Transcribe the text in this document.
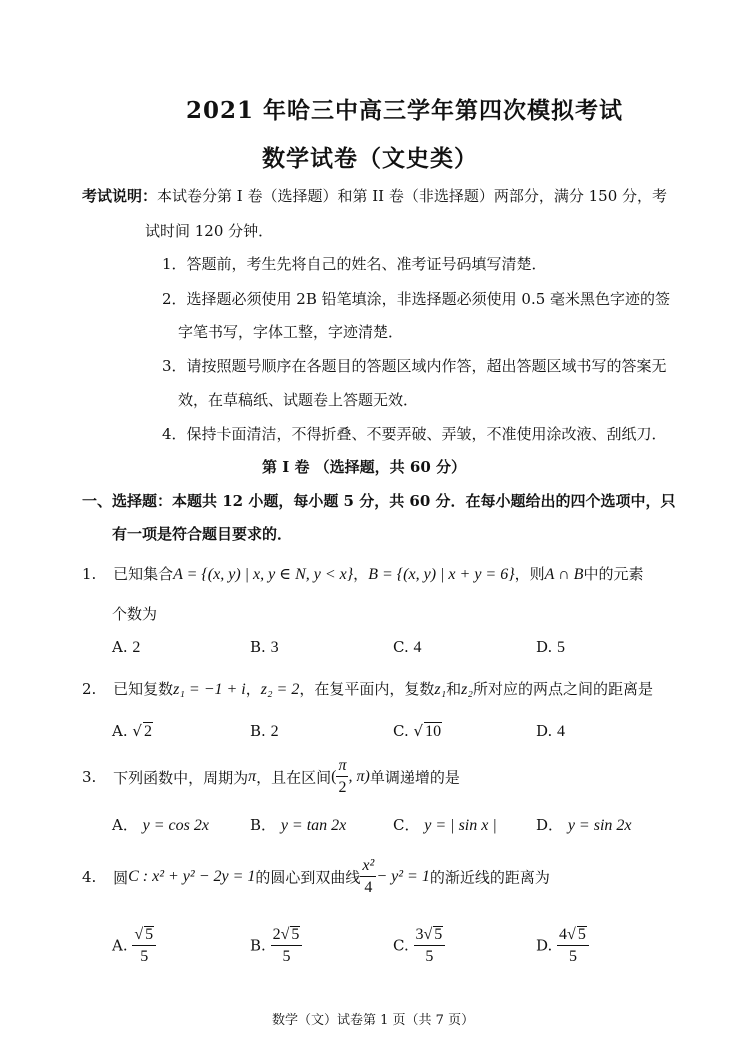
2021 年哈三中高三学年第四次模拟考试
数学试卷（文史类）
考试说明：本试卷分第 I 卷（选择题）和第 II 卷（非选择题）两部分，满分 150 分，考
试时间 120 分钟．
1．答题前，考生先将自己的姓名、准考证号码填写清楚．
2．选择题必须使用 2B 铅笔填涂，非选择题必须使用 0.5 毫米黑色字迹的签
字笔书写，字体工整，字迹清楚．
3．请按照题号顺序在各题目的答题区域内作答，超出答题区域书写的答案无
效，在草稿纸、试题卷上答题无效．
4．保持卡面清洁，不得折叠、不要弄破、弄皱，不准使用涂改液、刮纸刀．
第 I 卷 （选择题，共 60 分）
一、选择题：本题共 12 小题，每小题 5 分，共 60 分．在每小题给出的四个选项中，只
有一项是符合题目要求的．
1. 已知集合A = {(x, y) | x, y ∈ N, y < x}，B = {(x, y) | x + y = 6}，则A ∩ B中的元素
个数为
A. 2	B. 3	C. 4	D. 5
2. 已知复数z₁ = −1 + i，z₂ = 2，在复平面内，复数z₁和z₂所对应的两点之间的距离是
A. √ 2	B. 2	C. √ 10	D. 4
3. 下列函数中，周期为π，且在区间( $\frac{\pi}{2}$ , π)单调递增的是
A． y = cos 2x	B． y = tan 2x	C． y = | sin x |	D． y = sin 2x
4. 圆C : x² + y² − 2y = 1的圆心到双曲线 $\frac{\text{x²}}{4} - y^2 = 1$的渐近线的距离为
A. $\frac{√ 5}{5}$	B. $\frac{2√ 5}{5}$	C. $\frac{3√ 5}{5}$	D. $\frac{4√ 5}{5}$
数学（文）试卷第 1 页（共 7 页）
